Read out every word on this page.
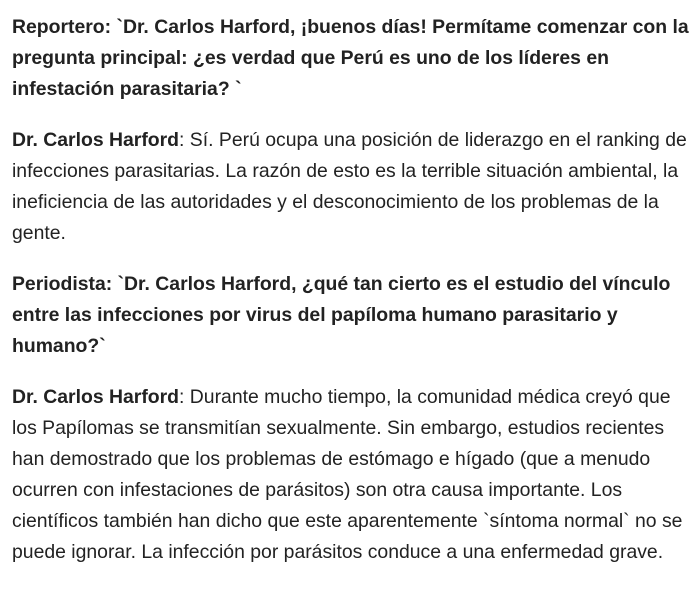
Reportero: `Dr. Carlos Harford, ¡buenos días! Permítame comenzar con la pregunta principal: ¿es verdad que Perú es uno de los líderes en infestación parasitaria? `

Dr. Carlos Harford: Sí. Perú ocupa una posición de liderazgo en el ranking de infecciones parasitarias. La razón de esto es la terrible situación ambiental, la ineficiencia de las autoridades y el desconocimiento de los problemas de la gente.

Periodista: `Dr. Carlos Harford, ¿qué tan cierto es el estudio del vínculo entre las infecciones por virus del papíloma humano parasitario y humano?`

Dr. Carlos Harford: Durante mucho tiempo, la comunidad médica creyó que los Papílomas se transmitían sexualmente. Sin embargo, estudios recientes han demostrado que los problemas de estómago e hígado (que a menudo ocurren con infestaciones de parásitos) son otra causa importante. Los científicos también han dicho que este aparentemente `síntoma normal` no se puede ignorar. La infección por parásitos conduce a una enfermedad grave.
